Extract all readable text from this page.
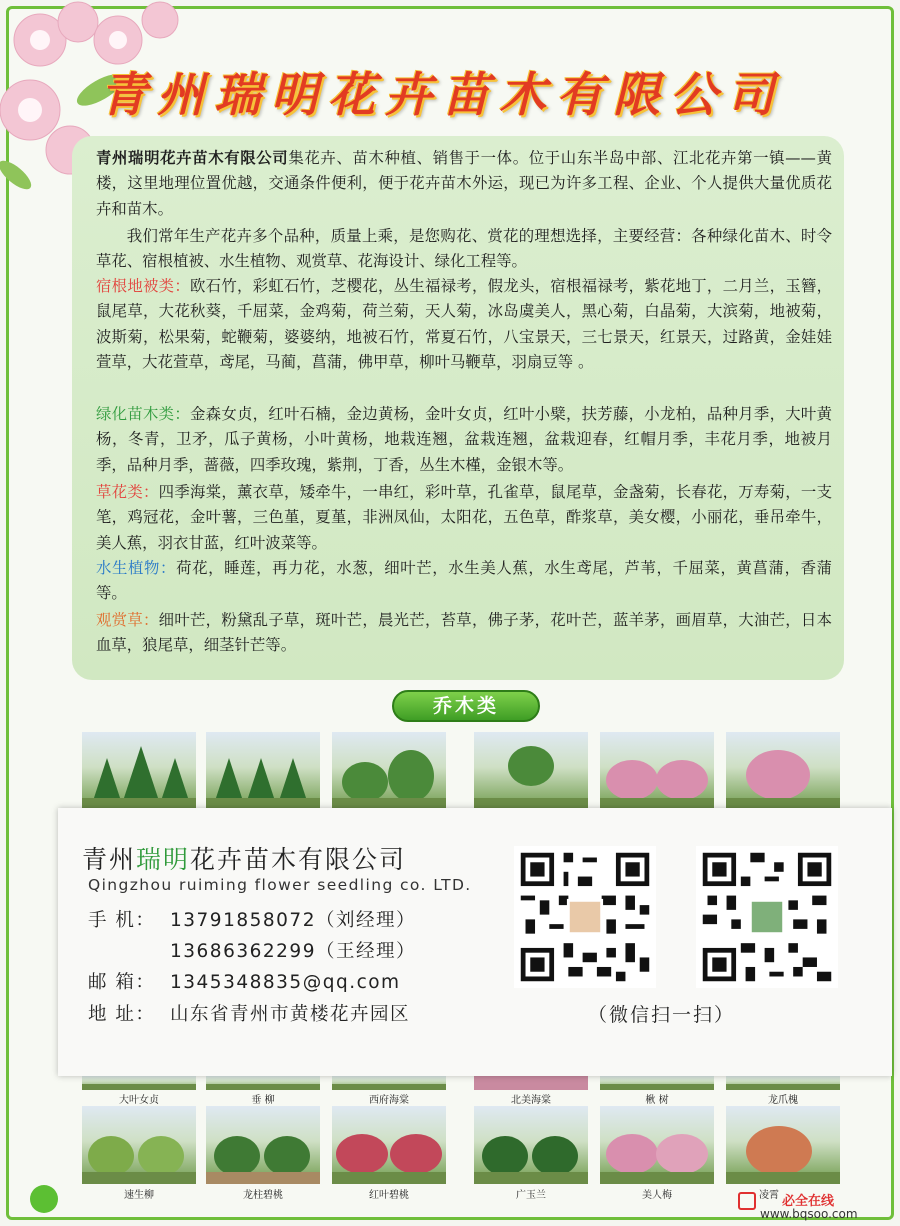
青州瑞明花卉苗木有限公司
青州瑞明花卉苗木有限公司集花卉、苗木种植、销售于一体。位于山东半岛中部、江北花卉第一镇——黄楼，这里地理位置优越，交通条件便利，便于花卉苗木外运，现已为许多工程、企业、个人提供大量优质花卉和苗木。
我们常年生产花卉多个品种，质量上乘，是您购花、赏花的理想选择，主要经营：各种绿化苗木、时令草花、宿根植被、水生植物、观赏草、花海设计、绿化工程等。
宿根地被类：欧石竹，彩虹石竹，芝樱花，丛生福禄考，假龙头，宿根福禄考，紫花地丁，二月兰，玉簪，鼠尾草，大花秋葵，千屈菜，金鸡菊，荷兰菊，天人菊，冰岛虞美人，黑心菊，白晶菊，大滨菊，地被菊，波斯菊，松果菊，蛇鞭菊，婆婆纳，地被石竹，常夏石竹，八宝景天，三七景天，红景天，过路黄，金娃娃萱草，大花萱草，鸢尾，马蔺，菖蒲，佛甲草，柳叶马鞭草，羽扇豆等 。
绿化苗木类：金森女贞，红叶石楠，金边黄杨，金叶女贞，红叶小檗，扶芳藤，小龙柏，品种月季，大叶黄杨，冬青，卫矛，瓜子黄杨，小叶黄杨，地栽连翘，盆栽连翘，盆栽迎春，红帽月季，丰花月季，地被月季，品种月季，蔷薇，四季玫瑰，紫荆，丁香，丛生木槿，金银木等。
草花类：四季海棠，薰衣草，矮牵牛，一串红，彩叶草，孔雀草，鼠尾草，金盏菊，长春花，万寿菊，一支笔，鸡冠花，金叶薯，三色堇，夏堇，非洲凤仙，太阳花，五色草，酢浆草，美女樱，小丽花，垂吊牵牛，美人蕉，羽衣甘蓝，红叶波菜等。
水生植物：荷花，睡莲，再力花，水葱，细叶芒，水生美人蕉，水生鸢尾，芦苇，千屈菜，黄菖蒲，香蒲等。
观赏草：细叶芒，粉黛乱子草，斑叶芒，晨光芒，苔草，佛子茅，花叶芒，蓝羊茅，画眉草，大油芒，日本血草，狼尾草，细茎针芒等。
乔木类
大叶女贞	垂 柳	西府海棠	北美海棠	楸 树	龙爪槐
速生柳	龙柱碧桃	红叶碧桃	广玉兰	美人梅	凌霄
青州瑞明花卉苗木有限公司
Qingzhou ruiming flower seedling co. LTD.
手 机： 13791858072（刘经理）
13686362299（王经理）
邮 箱： 1345348835@qq.com
地 址： 山东省青州市黄楼花卉园区	（微信扫一扫）
必全在线
www.bqsoo.com
